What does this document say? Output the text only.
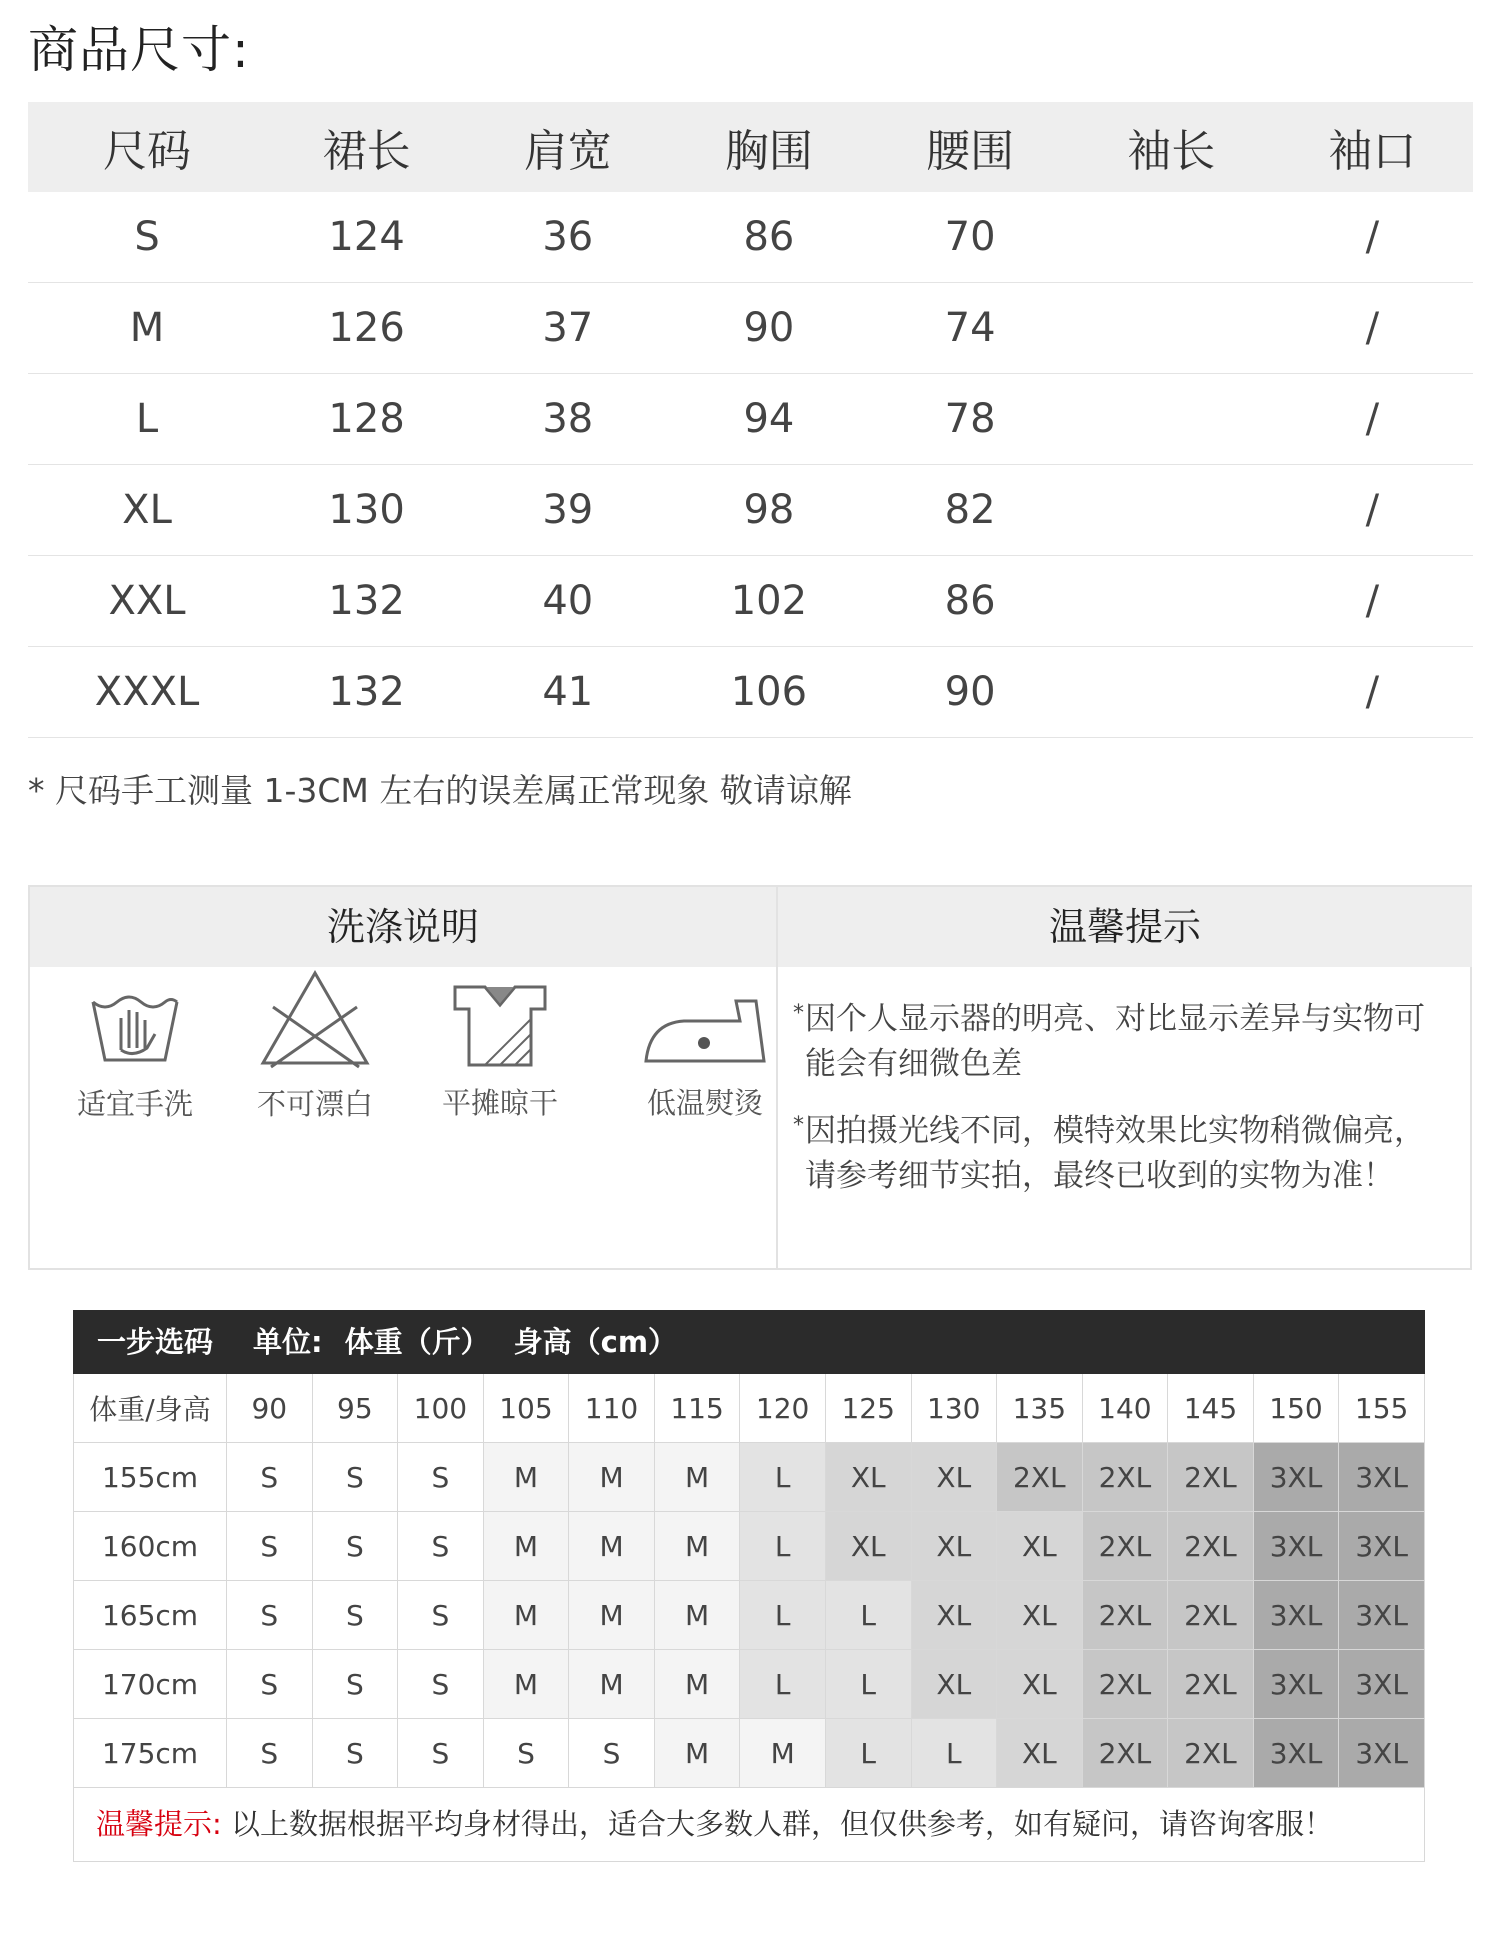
商品尺寸:
尺码	裙长	肩宽	胸围	腰围	袖长	袖口
S	124	36	86	70		/
M	126	37	90	74		/
L	128	38	94	78		/
XL	130	39	98	82		/
XXL	132	40	102	86		/
XXXL	132	41	106	90		/
* 尺码手工测量 1-3CM 左右的误差属正常现象 敬请谅解
洗涤说明	温馨提示
适宜手洗	不可漂白	平摊晾干	低温熨烫
* 因个人显示器的明亮、对比显示差异与实物可能会有细微色差
* 因拍摄光线不同，模特效果比实物稍微偏亮，请参考细节实拍，最终已收到的实物为准！
一步选码 单位: 体重（斤） 身高（cm）
体重/身高	90	95	100	105	110	115	120	125	130	135	140	145	150	155
155cm	S	S	S	M	M	M	L	XL	XL	2XL	2XL	2XL	3XL	3XL
160cm	S	S	S	M	M	M	L	XL	XL	XL	2XL	2XL	3XL	3XL
165cm	S	S	S	M	M	M	L	L	XL	XL	2XL	2XL	3XL	3XL
170cm	S	S	S	M	M	M	L	L	XL	XL	2XL	2XL	3XL	3XL
175cm	S	S	S	S	S	M	M	L	L	XL	2XL	2XL	3XL	3XL
温馨提示: 以上数据根据平均身材得出，适合大多数人群，但仅供参考，如有疑问，请咨询客服！
